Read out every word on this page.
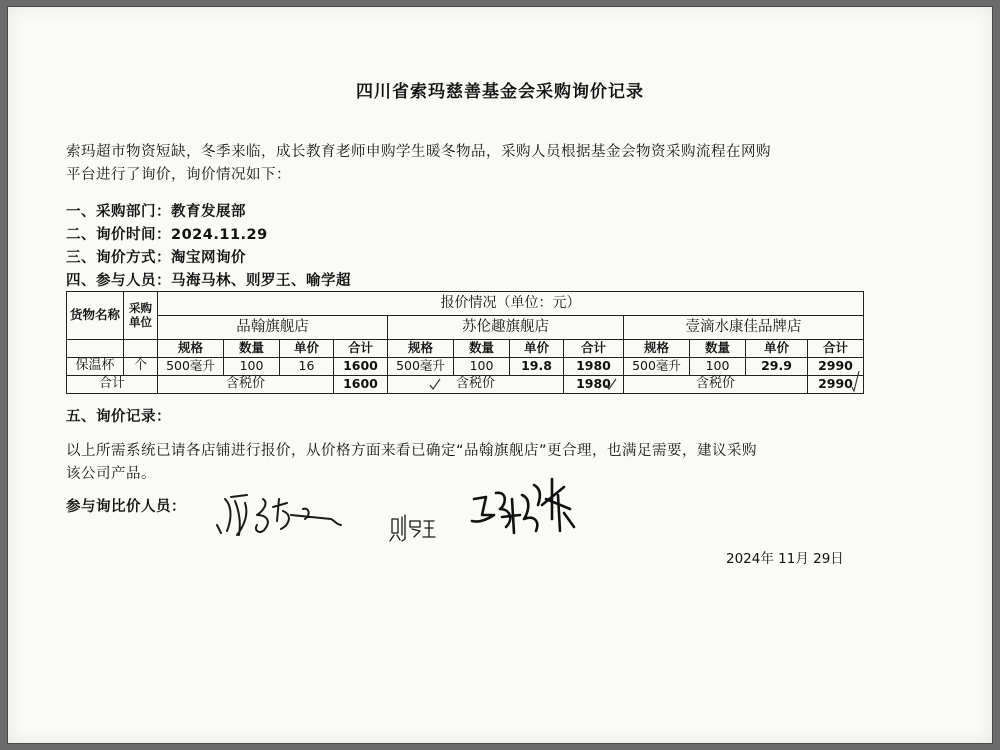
四川省索玛慈善基金会采购询价记录
索玛超市物资短缺，冬季来临，成长教育老师申购学生暖冬物品，采购人员根据基金会物资采购流程在网购
平台进行了询价，询价情况如下：
一、采购部门：教育发展部
二、询价时间：2024.11.29
三、询价方式：淘宝网询价
四、参与人员：马海马林、则罗王、喻学超
货物名称	采购单位	报价情况（单位：元）											
		品翰旗舰店				苏伦趣旗舰店				壹滴水康佳品牌店			
		规格	数量	单价	合计	规格	数量	单价	合计	规格	数量	单价	合计
保温杯	个	500毫升	100	16	1600	500毫升	100	19.8	1980	500毫升	100	29.9	2990
合计		含税价			1600	含税价			1980	含税价			2990
五、询价记录：
以上所需系统已请各店铺进行报价，从价格方面来看已确定“品翰旗舰店”更合理，也满足需要，建议采购
该公司产品。
参与询比价人员：
2024年 11月 29日
